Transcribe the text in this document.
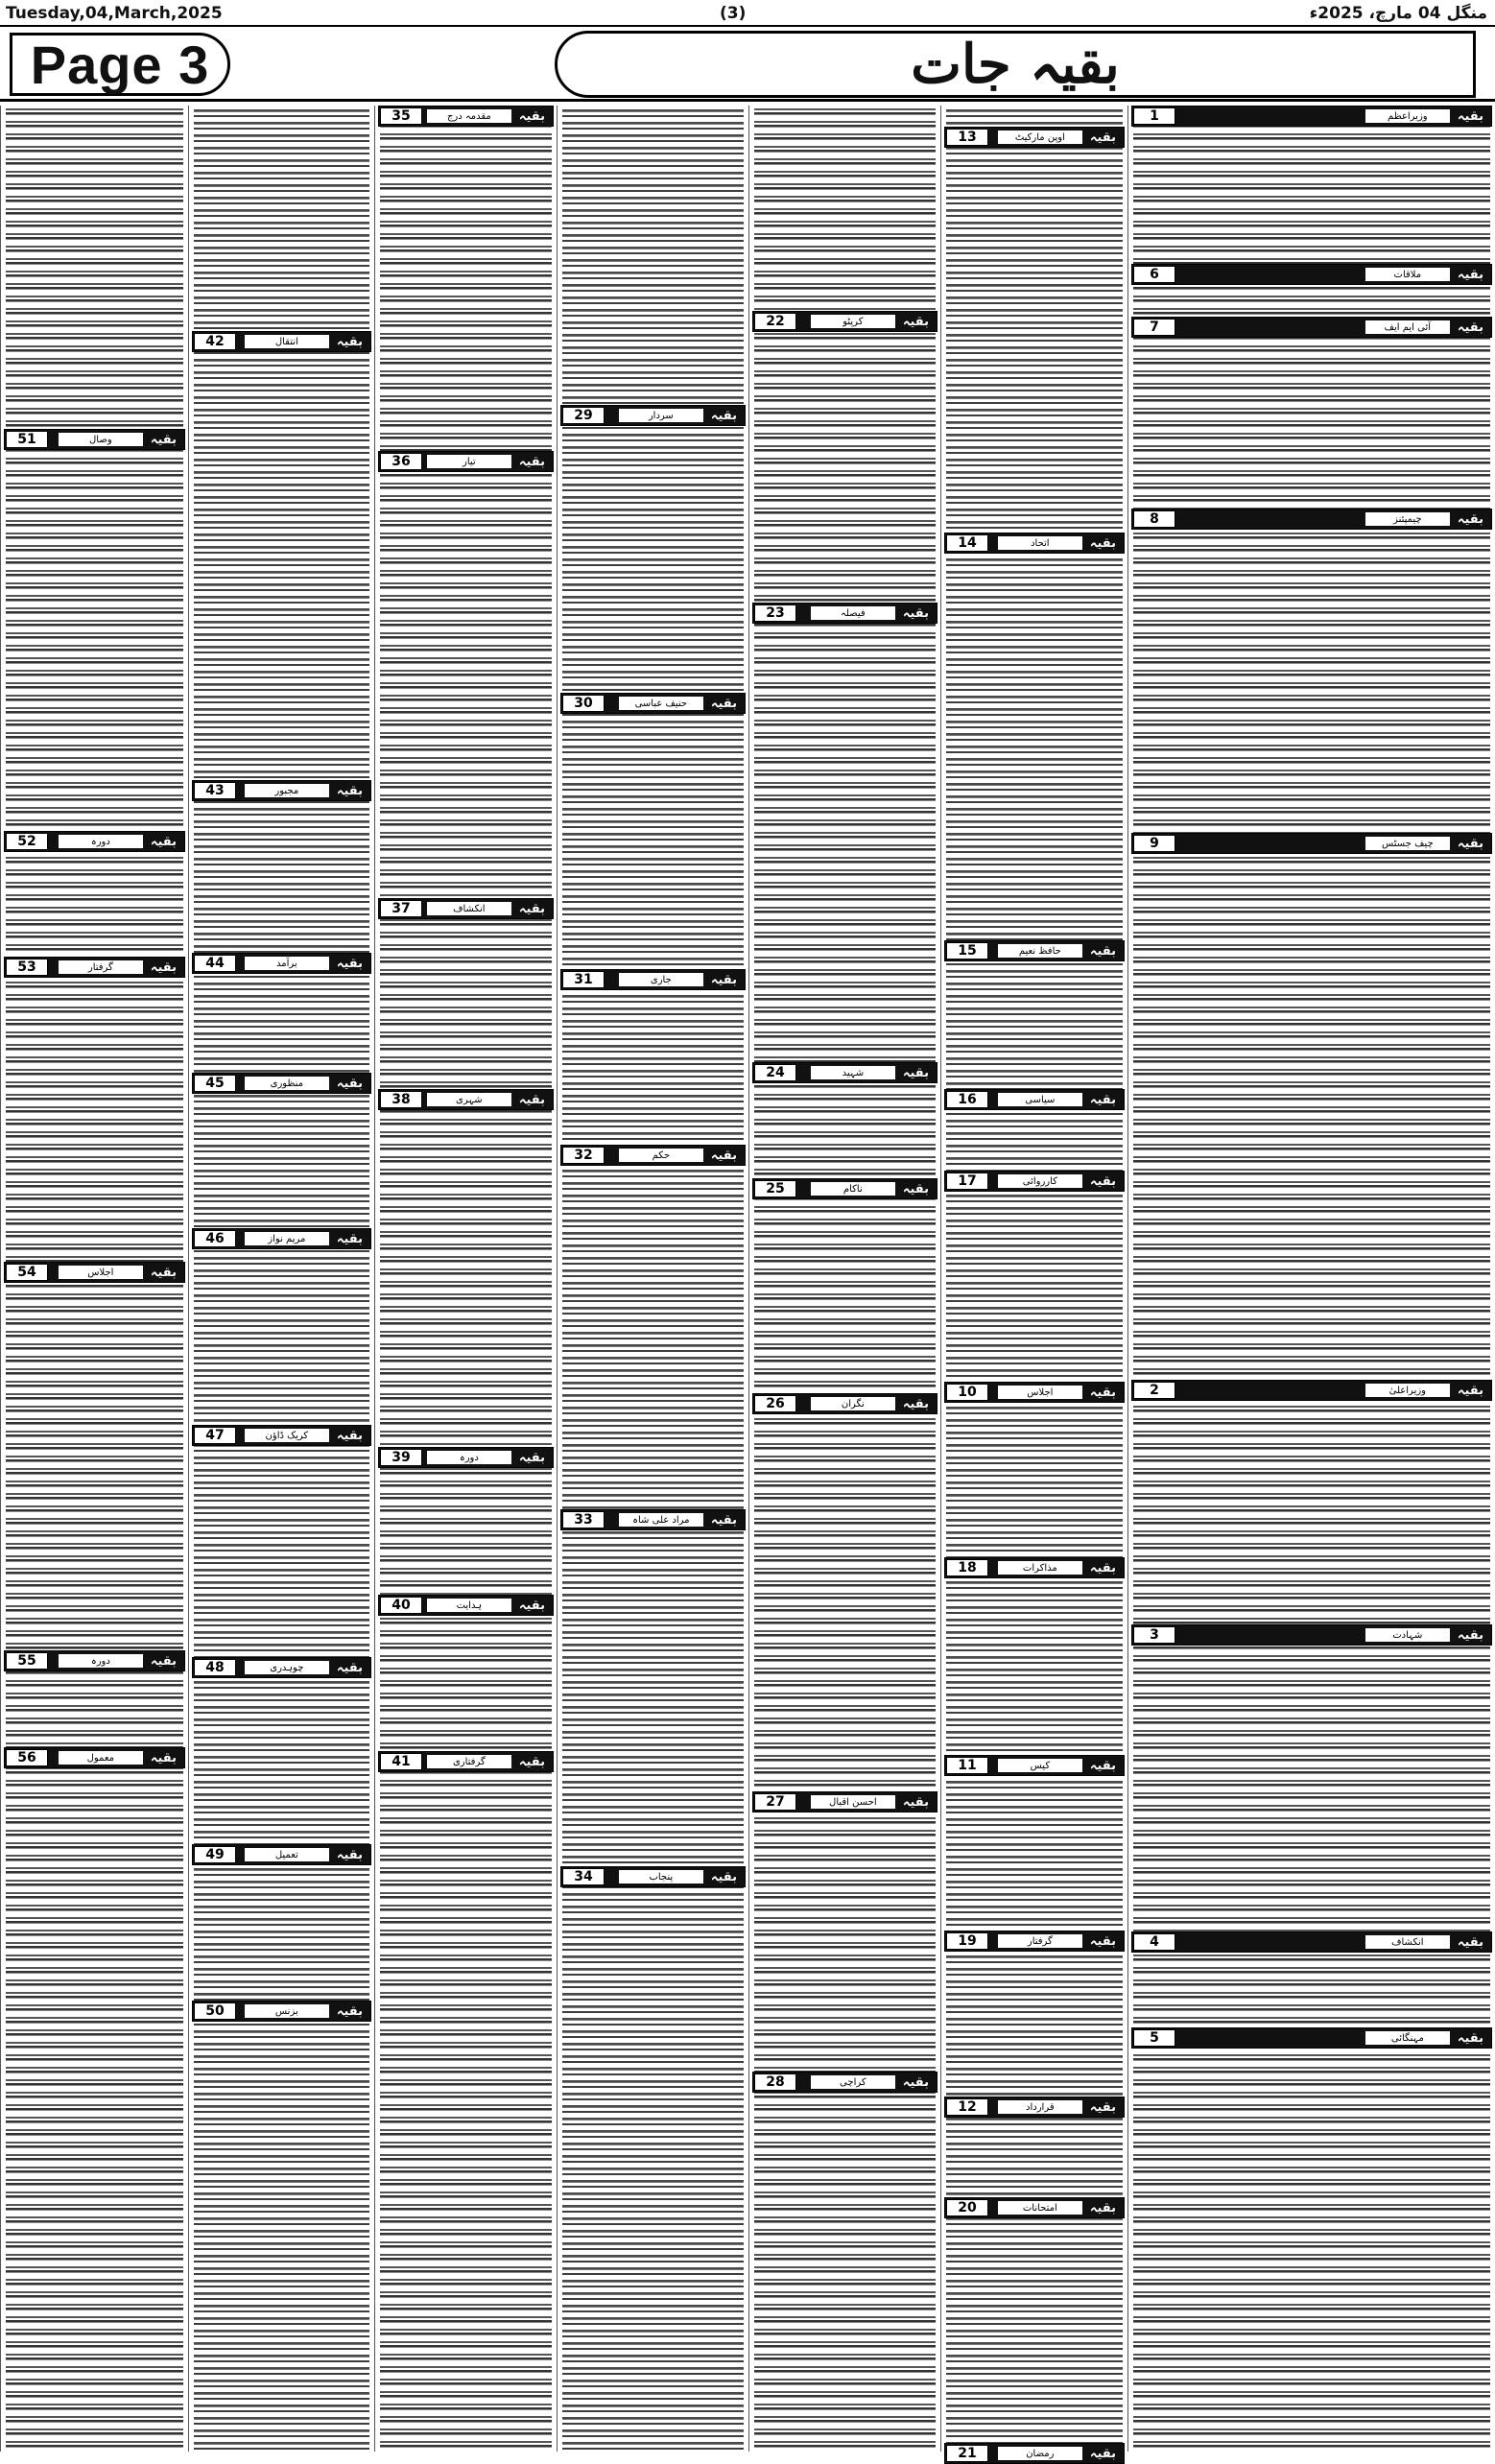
Tuesday,04,March,2025	(3)	منگل 04 مارچ، 2025ء
Page 3	بقیہ جات
51	وصال	بقیہ
52	دورہ	بقیہ
53	گرفتار	بقیہ
54	اجلاس	بقیہ
55	دورہ	بقیہ
56	معمول	بقیہ
42	انتقال	بقیہ
43	مجبور	بقیہ
44	برآمد	بقیہ
45	منظوری	بقیہ
46	مریم نواز	بقیہ
47	کریک ڈاؤن	بقیہ
48	چوہدری	بقیہ
49	تعمیل	بقیہ
50	بزنس	بقیہ
35	مقدمہ درج	بقیہ
36	تیار	بقیہ
37	انکشاف	بقیہ
38	شہری	بقیہ
39	دورہ	بقیہ
40	ہدایت	بقیہ
41	گرفتاری	بقیہ
29	سردار	بقیہ
30	حنیف عباسی	بقیہ
31	جاری	بقیہ
32	حکم	بقیہ
33	مراد علی شاہ	بقیہ
34	پنجاب	بقیہ
22	کرپٹو	بقیہ
23	فیصلہ	بقیہ
24	شہید	بقیہ
25	ناکام	بقیہ
26	نگران	بقیہ
27	احسن اقبال	بقیہ
28	کراچی	بقیہ
13	اوپن مارکیٹ	بقیہ
14	اتحاد	بقیہ
15	حافظ نعیم	بقیہ
16	سیاسی	بقیہ
17	کارروائی	بقیہ
10	اجلاس	بقیہ
18	مذاکرات	بقیہ
11	کیس	بقیہ
19	گرفتار	بقیہ
12	قرارداد	بقیہ
20	امتحانات	بقیہ
21	رمضان	بقیہ
1	وزیراعظم	بقیہ
6	ملاقات	بقیہ
7	آئی ایم ایف	بقیہ
8	چیمپئنز	بقیہ
9	چیف جسٹس	بقیہ
2	وزیراعلیٰ	بقیہ
3	شہادت	بقیہ
4	انکشاف	بقیہ
5	مہنگائی	بقیہ
